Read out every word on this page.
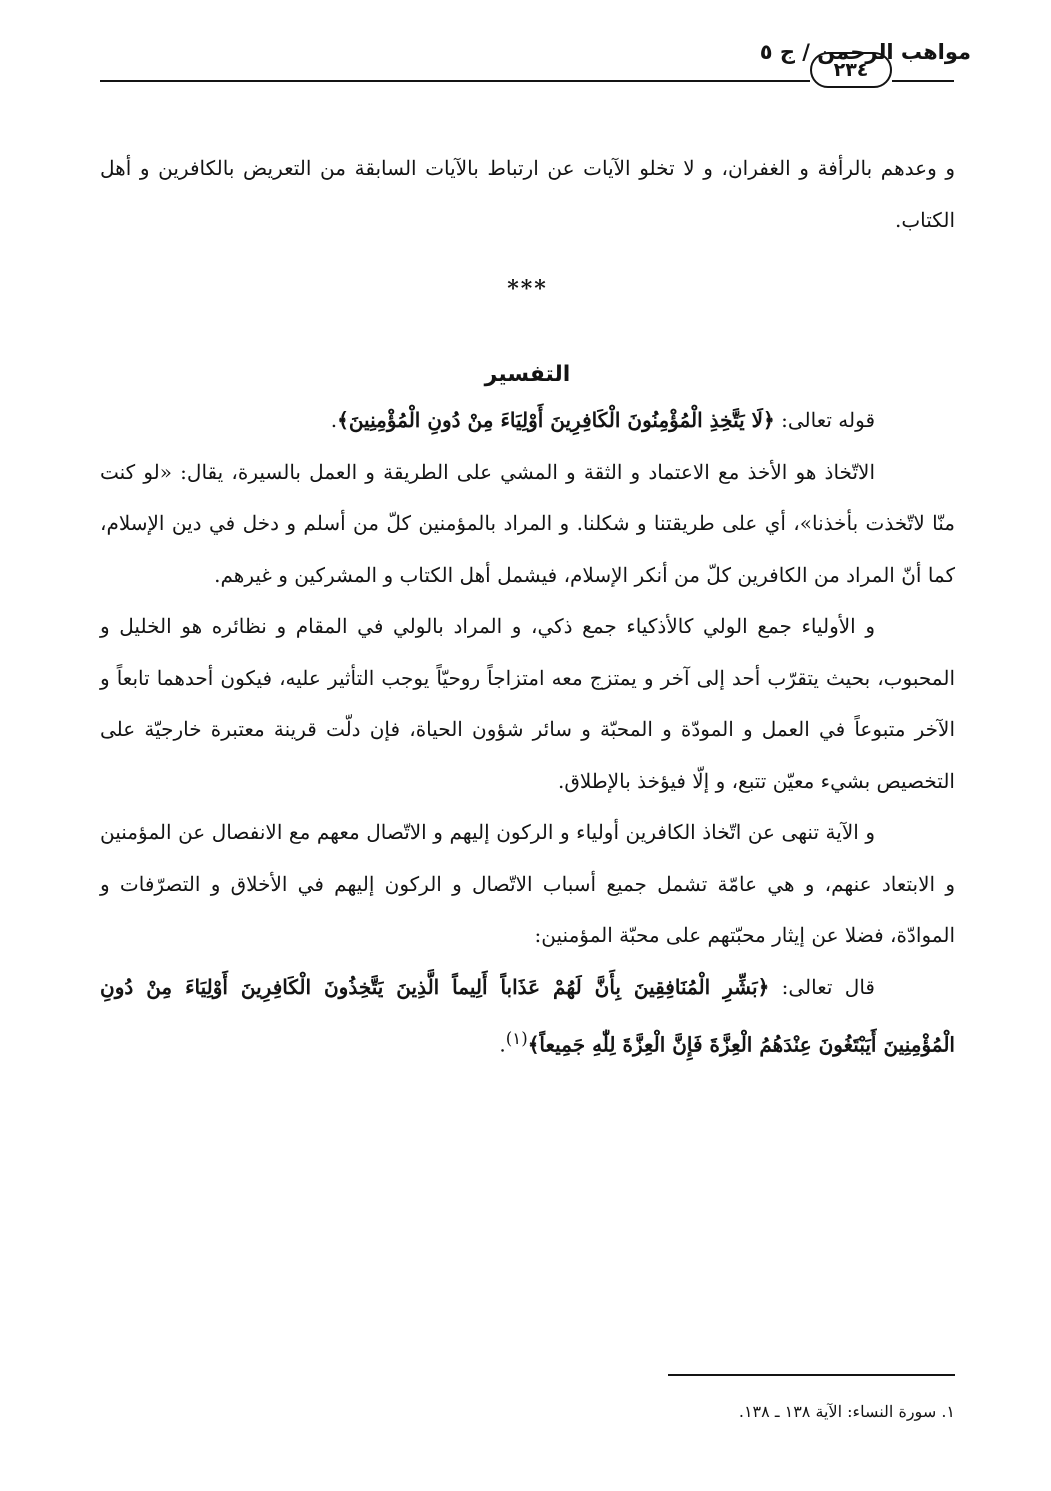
مواهب الرحمن / ج ٥
٢٣٤

و وعدهم بالرأفة و الغفران، و لا تخلو الآيات عن ارتباط بالآيات السابقة من التعريض بالكافرين و أهل الكتاب.

***
التفسير

قوله تعالى: ﴿لَا يَتَّخِذِ الْمُؤْمِنُونَ الْكَافِرِينَ أَوْلِيَاءَ مِنْ دُونِ الْمُؤْمِنِينَ﴾.

الاتّخاذ هو الأخذ مع الاعتماد و الثقة و المشي على الطريقة و العمل بالسيرة، يقال: «لو كنت منّا لاتّخذت بأخذنا»، أي على طريقتنا و شكلنا. و المراد بالمؤمنين كلّ من أسلم و دخل في دين الإسلام، كما أنّ المراد من الكافرين كلّ من أنكر الإسلام، فيشمل أهل الكتاب و المشركين و غيرهم.

و الأولياء جمع الولي كالأذكياء جمع ذكي، و المراد بالولي في المقام و نظائره هو الخليل و المحبوب، بحيث يتقرّب أحد إلى آخر و يمتزج معه امتزاجاً روحيّاً يوجب التأثير عليه، فيكون أحدهما تابعاً و الآخر متبوعاً في العمل و المودّة و المحبّة و سائر شؤون الحياة، فإن دلّت قرينة معتبرة خارجيّة على التخصيص بشيء معيّن تتبع، و إلّا فيؤخذ بالإطلاق.

و الآية تنهى عن اتّخاذ الكافرين أولياء و الركون إليهم و الاتّصال معهم مع الانفصال عن المؤمنين و الابتعاد عنهم، و هي عامّة تشمل جميع أسباب الاتّصال و الركون إليهم في الأخلاق و التصرّفات و الموادّة، فضلا عن إيثار محبّتهم على محبّة المؤمنين:

قال تعالى: ﴿بَشِّرِ الْمُنَافِقِينَ بِأَنَّ لَهُمْ عَذَاباً أَلِيماً الَّذِينَ يَتَّخِذُونَ الْكَافِرِينَ أَوْلِيَاءَ مِنْ دُونِ الْمُؤْمِنِينَ أَيَبْتَغُونَ عِنْدَهُمُ الْعِزَّةَ فَإِنَّ الْعِزَّةَ لِلّٰهِ جَمِيعاً﴾$^{(١)}$.

١. سورة النساء: الآية ١٣٨ ـ ١٣٨.
